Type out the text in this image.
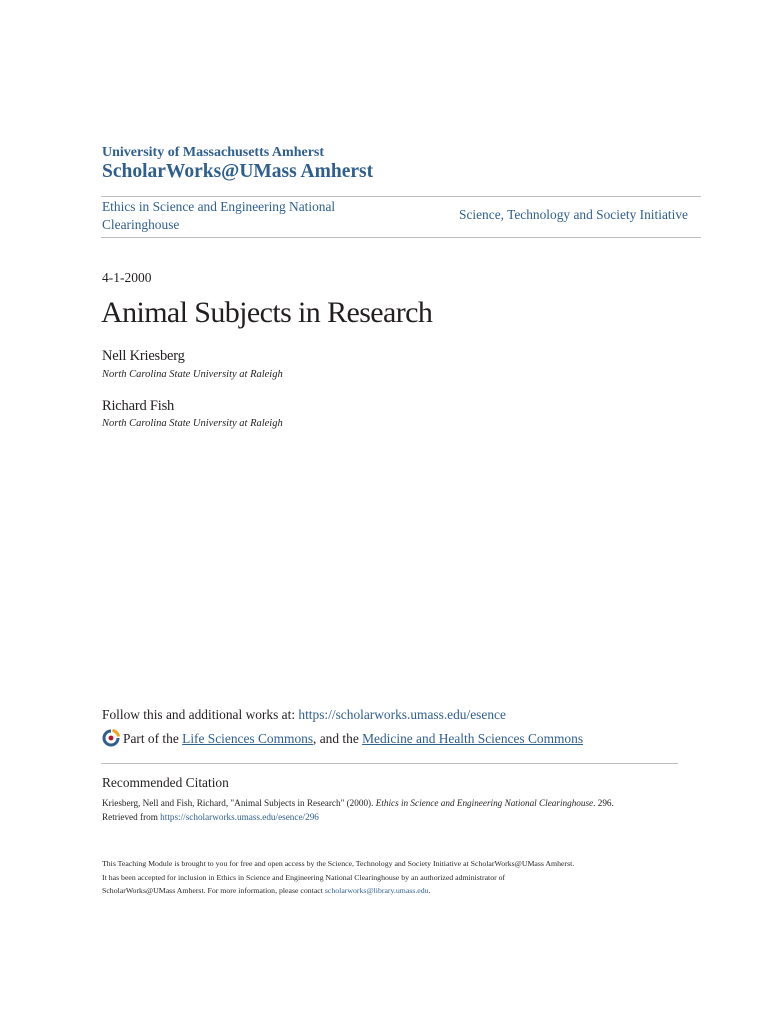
University of Massachusetts Amherst
ScholarWorks@UMass Amherst
Ethics in Science and Engineering National Clearinghouse
Science, Technology and Society Initiative
4-1-2000
Animal Subjects in Research
Nell Kriesberg
North Carolina State University at Raleigh
Richard Fish
North Carolina State University at Raleigh
Follow this and additional works at: https://scholarworks.umass.edu/esence
Part of the Life Sciences Commons, and the Medicine and Health Sciences Commons
Recommended Citation
Kriesberg, Nell and Fish, Richard, "Animal Subjects in Research" (2000). Ethics in Science and Engineering National Clearinghouse. 296.
Retrieved from https://scholarworks.umass.edu/esence/296
This Teaching Module is brought to you for free and open access by the Science, Technology and Society Initiative at ScholarWorks@UMass Amherst.
It has been accepted for inclusion in Ethics in Science and Engineering National Clearinghouse by an authorized administrator of
ScholarWorks@UMass Amherst. For more information, please contact scholarworks@library.umass.edu.
